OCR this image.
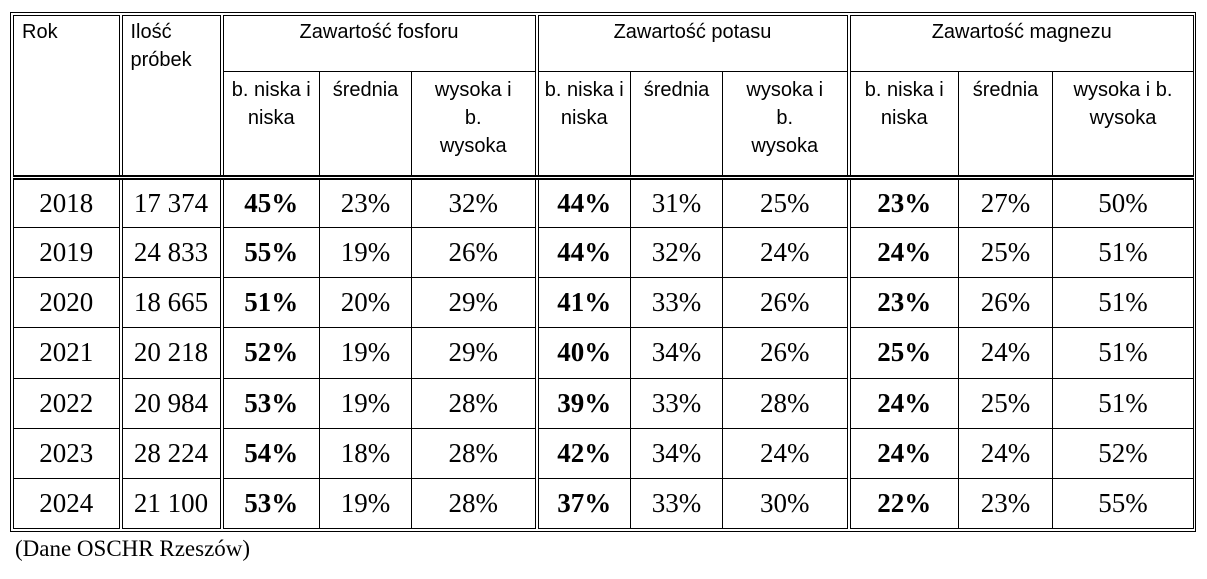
Rok	Ilość próbek	Zawartość fosforu			Zawartość potasu			Zawartość magnezu		
		b. niska i niska	średnia	wysoka i b. wysoka	b. niska i niska	średnia	wysoka i b. wysoka	b. niska i niska	średnia	wysoka i b. wysoka
2018	17 374	45%	23%	32%	44%	31%	25%	23%	27%	50%
2019	24 833	55%	19%	26%	44%	32%	24%	24%	25%	51%
2020	18 665	51%	20%	29%	41%	33%	26%	23%	26%	51%
2021	20 218	52%	19%	29%	40%	34%	26%	25%	24%	51%
2022	20 984	53%	19%	28%	39%	33%	28%	24%	25%	51%
2023	28 224	54%	18%	28%	42%	34%	24%	24%	24%	52%
2024	21 100	53%	19%	28%	37%	33%	30%	22%	23%	55%
(Dane OSCHR Rzeszów)
